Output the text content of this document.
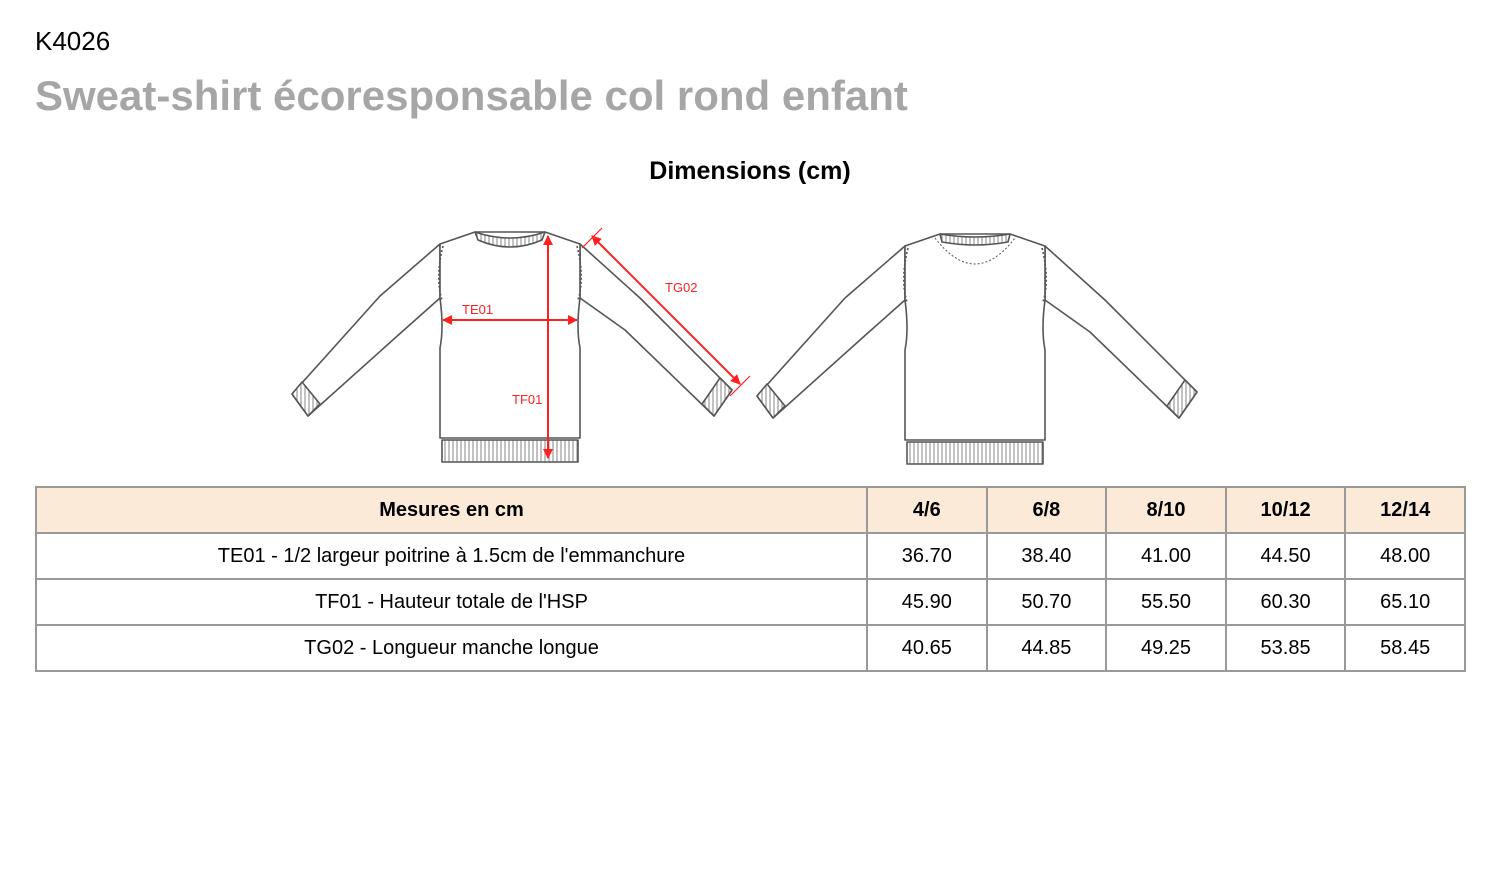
K4026
Sweat-shirt écoresponsable col rond enfant
Dimensions (cm)
TE01
TF01
TG02
Mesures en cm	4/6	6/8	8/10	10/12	12/14
TE01 - 1/2 largeur poitrine à 1.5cm de l'emmanchure	36.70	38.40	41.00	44.50	48.00
TF01 - Hauteur totale de l'HSP	45.90	50.70	55.50	60.30	65.10
TG02 - Longueur manche longue	40.65	44.85	49.25	53.85	58.45
